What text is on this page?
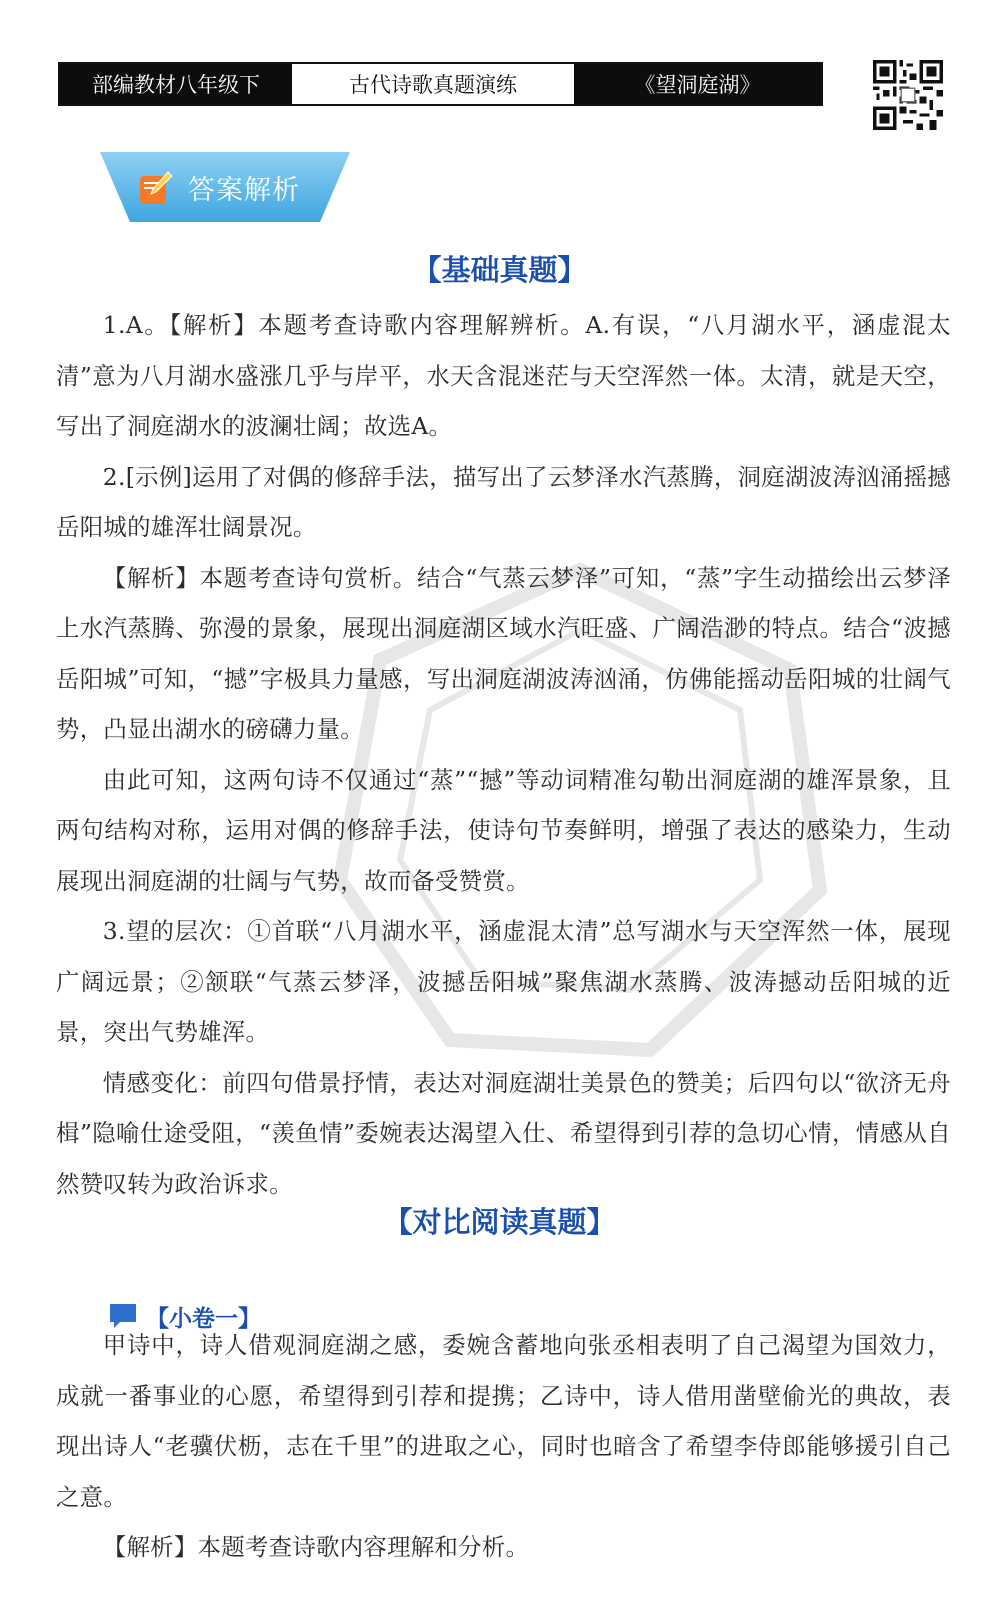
部编教材八年级下	古代诗歌真题演练	《望洞庭湖》
答案解析
【基础真题】

1.A。【解析】本题考查诗歌内容理解辨析。A.有误，“八月湖水平，涵虚混太清”意为八月湖水盛涨几乎与岸平，水天含混迷茫与天空浑然一体。太清，就是天空，写出了洞庭湖水的波澜壮阔；故选A。

2.[示例]运用了对偶的修辞手法，描写出了云梦泽水汽蒸腾，洞庭湖波涛汹涌摇撼岳阳城的雄浑壮阔景况。

【解析】本题考查诗句赏析。结合“气蒸云梦泽”可知，“蒸”字生动描绘出云梦泽上水汽蒸腾、弥漫的景象，展现出洞庭湖区域水汽旺盛、广阔浩渺的特点。结合“波撼岳阳城”可知，“撼”字极具力量感，写出洞庭湖波涛汹涌，仿佛能摇动岳阳城的壮阔气势，凸显出湖水的磅礴力量。

由此可知，这两句诗不仅通过“蒸”“撼”等动词精准勾勒出洞庭湖的雄浑景象，且两句结构对称，运用对偶的修辞手法，使诗句节奏鲜明，增强了表达的感染力，生动展现出洞庭湖的壮阔与气势，故而备受赞赏。

3.望的层次：①首联“八月湖水平，涵虚混太清”总写湖水与天空浑然一体，展现广阔远景；②颔联“气蒸云梦泽，波撼岳阳城”聚焦湖水蒸腾、波涛撼动岳阳城的近景，突出气势雄浑。

情感变化：前四句借景抒情，表达对洞庭湖壮美景色的赞美；后四句以“欲济无舟楫”隐喻仕途受阻，“羡鱼情”委婉表达渴望入仕、希望得到引荐的急切心情，情感从自然赞叹转为政治诉求。

【对比阅读真题】
【小卷一】

甲诗中，诗人借观洞庭湖之感，委婉含蓄地向张丞相表明了自己渴望为国效力，成就一番事业的心愿，希望得到引荐和提携；乙诗中，诗人借用凿壁偷光的典故，表现出诗人“老骥伏枥，志在千里”的进取之心，同时也暗含了希望李侍郎能够援引自己之意。

【解析】本题考查诗歌内容理解和分析。
